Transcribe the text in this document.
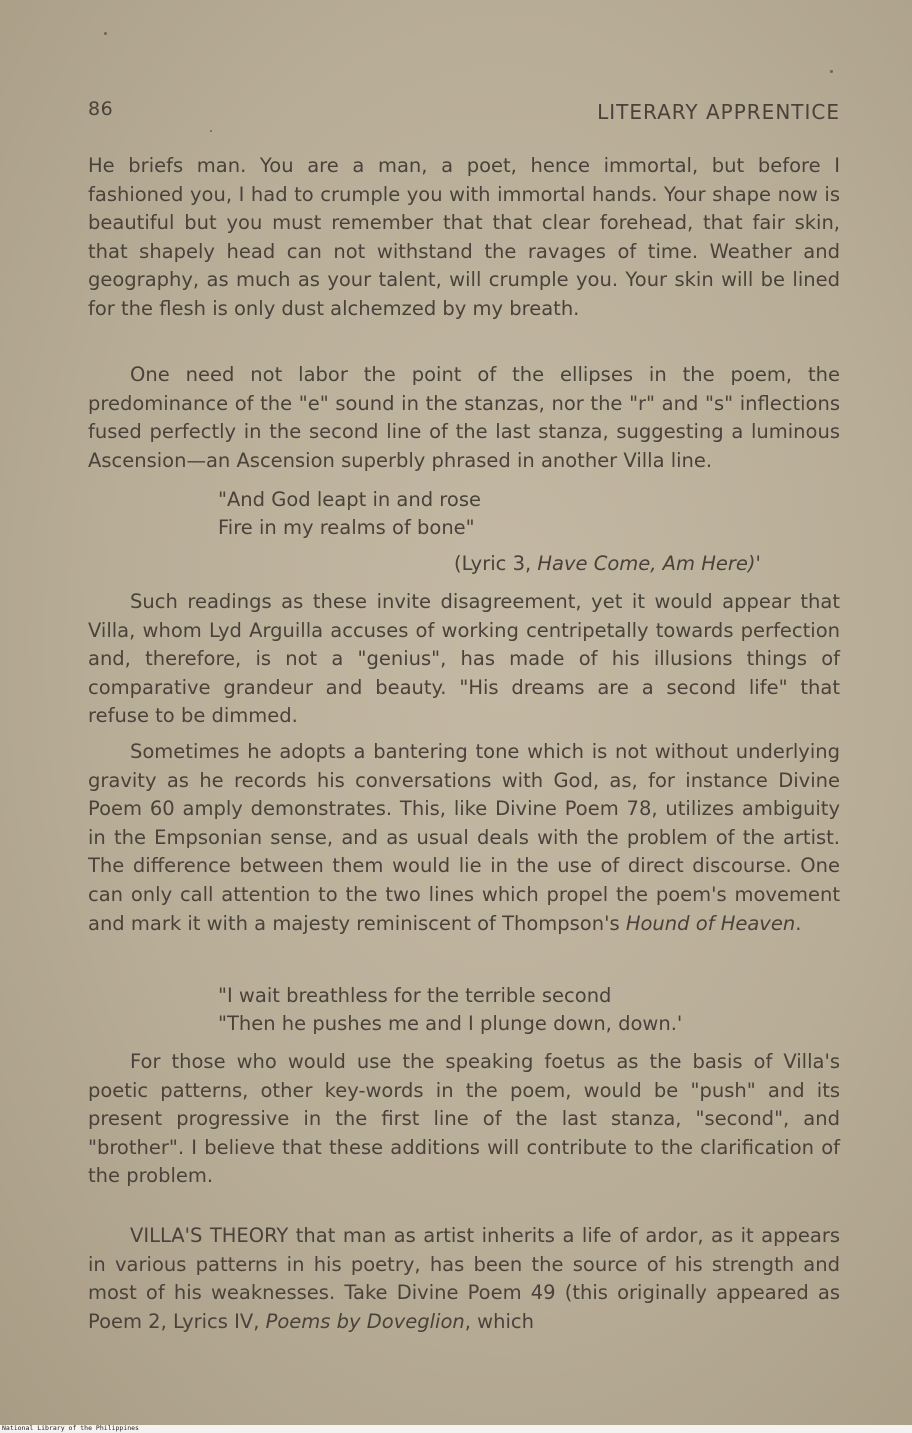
86	LITERARY APPRENTICE

He briefs man. You are a man, a poet, hence immortal, but before I fashioned you, I had to crumple you with immortal hands. Your shape now is beautiful but you must remember that that clear forehead, that fair skin, that shapely head can not withstand the ravages of time. Weather and geography, as much as your talent, will crumple you. Your skin will be lined for the flesh is only dust alchemzed by my breath.

One need not labor the point of the ellipses in the poem, the predominance of the "e" sound in the stanzas, nor the "r" and "s" inflections fused perfectly in the second line of the last stanza, suggesting a luminous Ascension—an Ascension superbly phrased in another Villa line.

"And God leapt in and rose
Fire in my realms of bone"
(Lyric 3, Have Come, Am Here)'

Such readings as these invite disagreement, yet it would appear that Villa, whom Lyd Arguilla accuses of working centripetally towards perfection and, therefore, is not a "genius", has made of his illusions things of comparative grandeur and beauty. "His dreams are a second life" that refuse to be dimmed.

Sometimes he adopts a bantering tone which is not without underlying gravity as he records his conversations with God, as, for instance Divine Poem 60 amply demonstrates. This, like Divine Poem 78, utilizes ambiguity in the Empsonian sense, and as usual deals with the problem of the artist. The difference between them would lie in the use of direct discourse. One can only call attention to the two lines which propel the poem's movement and mark it with a majesty reminiscent of Thompson's Hound of Heaven.

"I wait breathless for the terrible second
"Then he pushes me and I plunge down, down.'

For those who would use the speaking foetus as the basis of Villa's poetic patterns, other key-words in the poem, would be "push" and its present progressive in the first line of the last stanza, "second", and "brother". I believe that these additions will contribute to the clarification of the problem.

VILLA'S THEORY that man as artist inherits a life of ardor, as it appears in various patterns in his poetry, has been the source of his strength and most of his weaknesses. Take Divine Poem 49 (this originally appeared as Poem 2, Lyrics IV, Poems by Doveglion, which

National Library of the Philippines
